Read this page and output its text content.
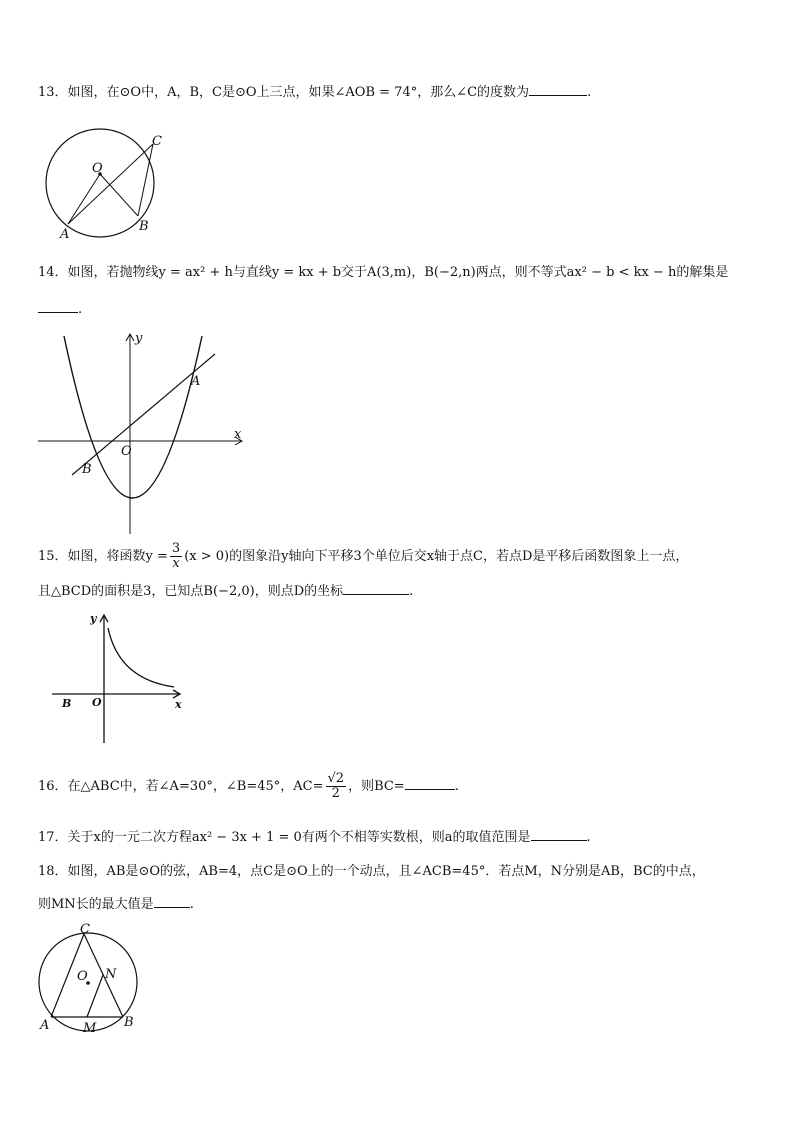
13．如图，在⊙O中，A，B，C是⊙O上三点，如果∠AOB = 74°，那么∠C的度数为	.
O
A
B
C
14．如图，若抛物线y = ax² + h与直线y = kx + b交于A(3,m)，B(−2,n)两点，则不等式ax² − b < kx − h的解集是
.
y
x
O
A
B
15．如图，将函数$y = \frac{3}{x} (x > 0)$的图象沿y轴向下平移3个单位后交x轴于点C，若点D是平移后函数图象上一点，
且△BCD的面积是3，已知点B(−2,0)，则点D的坐标	.
y
x
O
B
16．在△ABC中，若∠A=30°，∠B=45°，$AC= \frac{√2}{2}$ ，则BC=	.
17．关于x的一元二次方程ax² − 3x + 1 = 0有两个不相等实数根，则a的取值范围是	.
18．如图，AB是⊙O的弦，AB=4，点C是⊙O上的一个动点，且∠ACB=45°．若点M，N分别是AB，BC的中点，
则MN长的最大值是	.
C
O N
A	M B
